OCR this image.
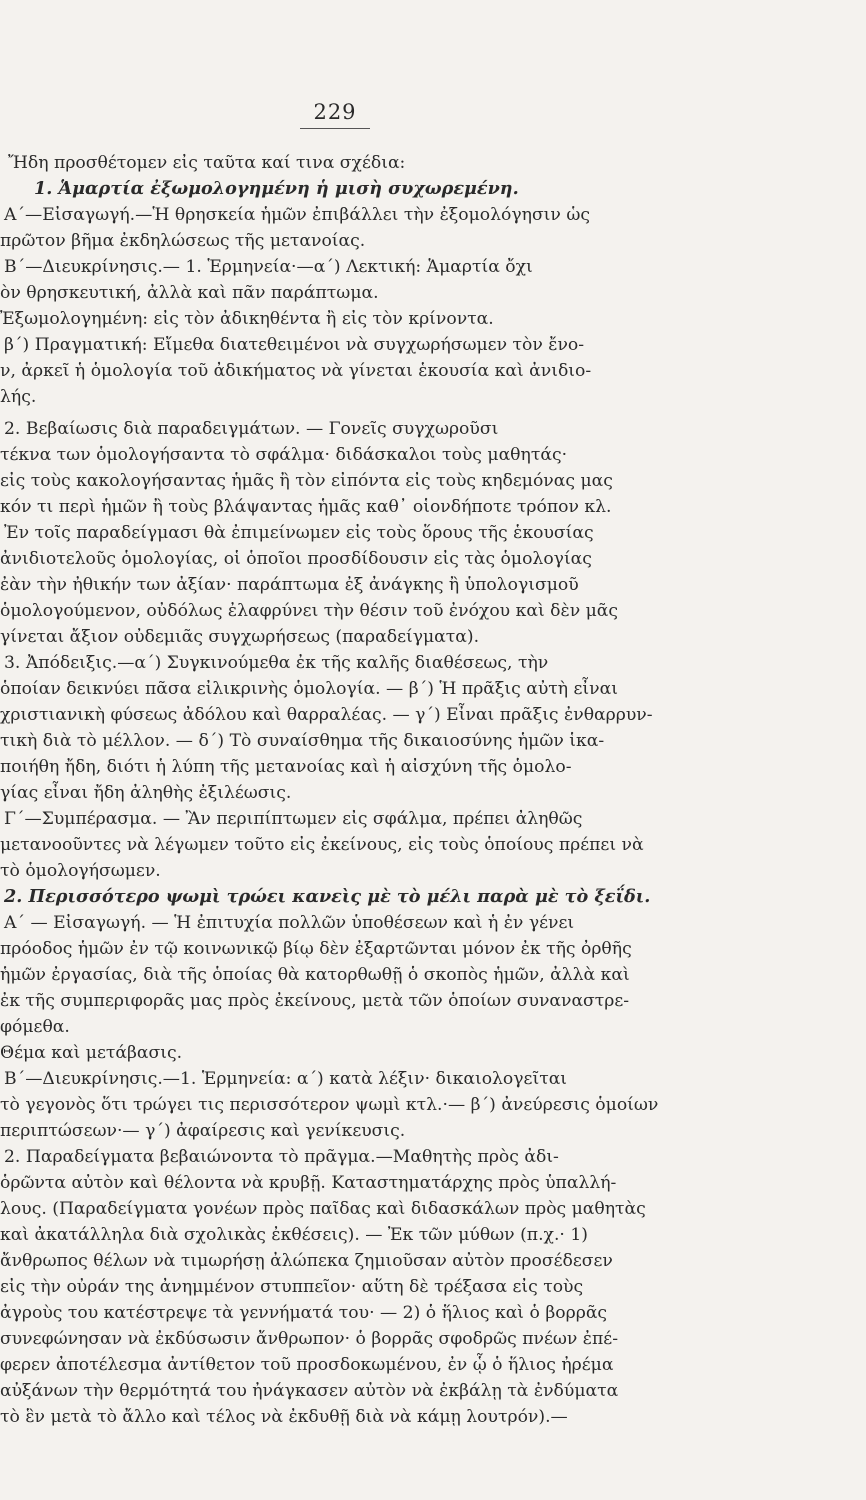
229
Ἤδη προσθέτομεν εἰς ταῦτα καί τινα σχέδια:
1. Ἁμαρτία ἐξωμολογημένη ἡ μισὴ συχωρεμένη.
Α΄—Εἰσαγωγή.—Ἡ θρησκεία ἡμῶν ἐπιβάλλει τὴν ἐξομολόγησιν ὡς
πρῶτον βῆμα ἐκδηλώσεως τῆς μετανοίας.
Β΄—Διευκρίνησις.— 1. Ἑρμηνεία·—α΄) Λεκτική: Ἁμαρτία ὄχι
ὸν θρησκευτική, ἀλλὰ καὶ πᾶν παράπτωμα.
Ἐξωμολογημένη: εἰς τὸν ἀδικηθέντα ἢ εἰς τὸν κρίνοντα.
β΄) Πραγματική: Εἴμεθα διατεθειμένοι νὰ συγχωρήσωμεν τὸν ἔνο-
ν, ἀρκεῖ ἡ ὁμολογία τοῦ ἀδικήματος νὰ γίνεται ἑκουσία καὶ ἀνιδιο-
λής.
2. Βεβαίωσις διὰ παραδειγμάτων. — Γονεῖς συγχωροῦσι
τέκνα των ὁμολογήσαντα τὸ σφάλμα· διδάσκαλοι τοὺς μαθητάς·
εἰς τοὺς κακολογήσαντας ἡμᾶς ἢ τὸν εἰπόντα εἰς τοὺς κηδεμόνας μας
κόν τι περὶ ἡμῶν ἢ τοὺς βλάψαντας ἡμᾶς καθ᾽ οἱονδήποτε τρόπον κλ.
Ἐν τοῖς παραδείγμασι θὰ ἐπιμείνωμεν εἰς τοὺς ὅρους τῆς ἑκουσίας
ἀνιδιοτελοῦς ὁμολογίας, οἱ ὁποῖοι προσδίδουσιν εἰς τὰς ὁμολογίας
ἐὰν τὴν ἠθικήν των ἀξίαν· παράπτωμα ἐξ ἀνάγκης ἢ ὑπολογισμοῦ
ὁμολογούμενον, οὐδόλως ἐλαφρύνει τὴν θέσιν τοῦ ἐνόχου καὶ δὲν μᾶς
γίνεται ἄξιον οὐδεμιᾶς συγχωρήσεως (παραδείγματα).
3. Ἀπόδειξις.—α΄) Συγκινούμεθα ἐκ τῆς καλῆς διαθέσεως, τὴν
ὁποίαν δεικνύει πᾶσα εἰλικρινὴς ὁμολογία. — β΄) Ἡ πρᾶξις αὐτὴ εἶναι
χριστιανικὴ φύσεως ἀδόλου καὶ θαρραλέας. — γ΄) Εἶναι πρᾶξις ἐνθαρρυν-
τικὴ διὰ τὸ μέλλον. — δ΄) Τὸ συναίσθημα τῆς δικαιοσύνης ἡμῶν ἱκα-
ποιήθη ἤδη, διότι ἡ λύπη τῆς μετανοίας καὶ ἡ αἰσχύνη τῆς ὁμολο-
γίας εἶναι ἤδη ἀληθὴς ἐξιλέωσις.
Γ΄—Συμπέρασμα. — Ἂν περιπίπτωμεν εἰς σφάλμα, πρέπει ἀληθῶς
μετανοοῦντες νὰ λέγωμεν τοῦτο εἰς ἐκείνους, εἰς τοὺς ὁποίους πρέπει νὰ
τὸ ὁμολογήσωμεν.
2. Περισσότερο ψωμὶ τρώει κανεὶς μὲ τὸ μέλι παρὰ μὲ τὸ ξεΐδι.
Α΄ — Εἰσαγωγή. — Ἡ ἐπιτυχία πολλῶν ὑποθέσεων καὶ ἡ ἐν γένει
πρόοδος ἡμῶν ἐν τῷ κοινωνικῷ βίῳ δὲν ἐξαρτῶνται μόνον ἐκ τῆς ὀρθῆς
ἡμῶν ἐργασίας, διὰ τῆς ὁποίας θὰ κατορθωθῇ ὁ σκοπὸς ἡμῶν, ἀλλὰ καὶ
ἐκ τῆς συμπεριφορᾶς μας πρὸς ἐκείνους, μετὰ τῶν ὁποίων συναναστρε-
φόμεθα.
Θέμα καὶ μετάβασις.
Β΄—Διευκρίνησις.—1. Ἑρμηνεία: α΄) κατὰ λέξιν· δικαιολογεῖται
τὸ γεγονὸς ὅτι τρώγει τις περισσότερον ψωμὶ κτλ.·— β΄) ἀνεύρεσις ὁμοίων
περιπτώσεων·— γ΄) ἀφαίρεσις καὶ γενίκευσις.
2. Παραδείγματα βεβαιώνοντα τὸ πρᾶγμα.—Μαθητὴς πρὸς ἀδι-
ὁρῶντα αὐτὸν καὶ θέλοντα νὰ κρυβῇ. Καταστηματάρχης πρὸς ὑπαλλή-
λους. (Παραδείγματα γονέων πρὸς παῖδας καὶ διδασκάλων πρὸς μαθητὰς
καὶ ἀκατάλληλα διὰ σχολικὰς ἐκθέσεις). — Ἐκ τῶν μύθων (π.χ.· 1)
ἄνθρωπος θέλων νὰ τιμωρήσῃ ἀλώπεκα ζημιοῦσαν αὐτὸν προσέδεσεν
εἰς τὴν οὐράν της ἀνημμένον στυππεῖον· αὕτη δὲ τρέξασα εἰς τοὺς
ἀγροὺς του κατέστρεψε τὰ γεννήματά του· — 2) ὁ ἥλιος καὶ ὁ βορρᾶς
συνεφώνησαν νὰ ἐκδύσωσιν ἄνθρωπον· ὁ βορρᾶς σφοδρῶς πνέων ἐπέ-
φερεν ἀποτέλεσμα ἀντίθετον τοῦ προσδοκωμένου, ἐν ᾧ ὁ ἥλιος ἠρέμα
αὐξάνων τὴν θερμότητά του ἠνάγκασεν αὐτὸν νὰ ἐκβάλῃ τὰ ἐνδύματα
τὸ ἓν μετὰ τὸ ἄλλο καὶ τέλος νὰ ἐκδυθῇ διὰ νὰ κάμῃ λουτρόν).—
